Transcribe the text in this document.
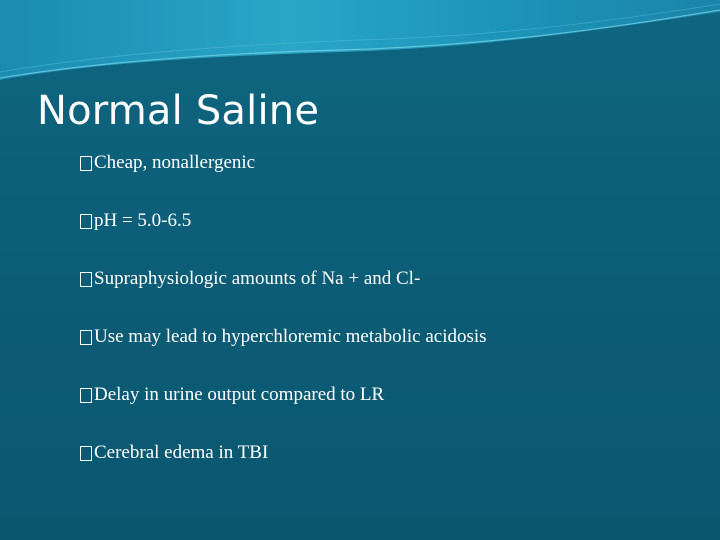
Normal Saline
Cheap, nonallergenic
pH = 5.0-6.5
Supraphysiologic amounts of Na + and Cl-
Use may lead to hyperchloremic metabolic acidosis
Delay in urine output compared to LR
Cerebral edema in TBI
